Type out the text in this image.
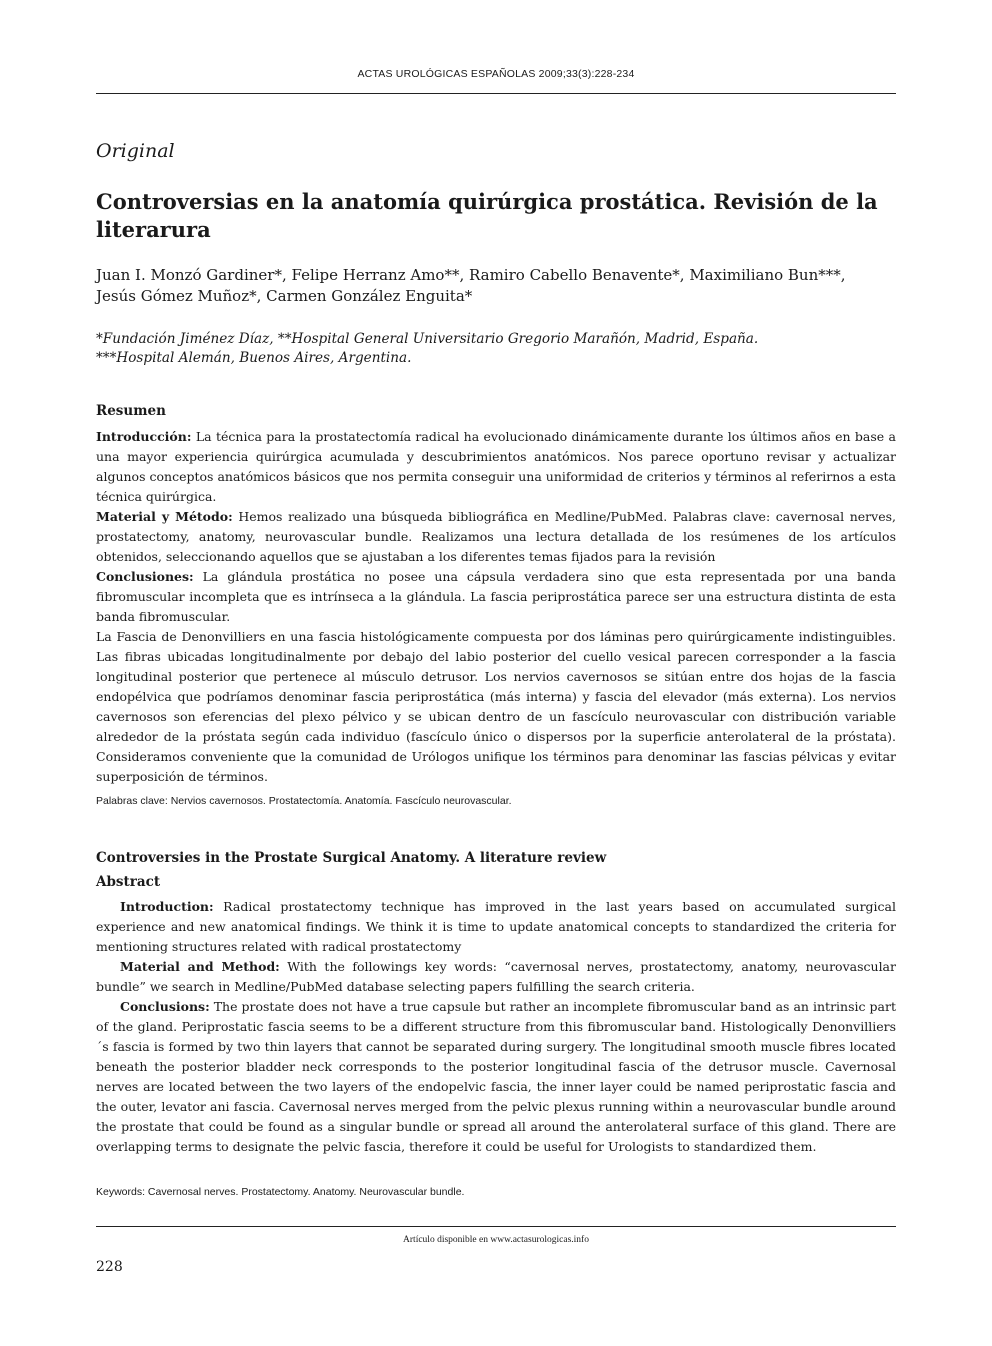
ACTAS UROLÓGICAS ESPAÑOLAS 2009;33(3):228-234
Original
Controversias en la anatomía quirúrgica prostática. Revisión de la literarura
Juan I. Monzó Gardiner*, Felipe Herranz Amo**, Ramiro Cabello Benavente*, Maximiliano Bun***,
Jesús Gómez Muñoz*, Carmen González Enguita*
*Fundación Jiménez Díaz, **Hospital General Universitario Gregorio Marañón, Madrid, España.
***Hospital Alemán, Buenos Aires, Argentina.
Resumen

Introducción: La técnica para la prostatectomía radical ha evolucionado dinámicamente durante los últimos años en base a una mayor experiencia quirúrgica acumulada y descubrimientos anatómicos. Nos parece oportuno revisar y actualizar algunos conceptos anatómicos básicos que nos permita conseguir una uniformidad de criterios y términos al referirnos a esta técnica quirúrgica.

Material y Método: Hemos realizado una búsqueda bibliográfica en Medline/PubMed. Palabras clave: cavernosal nerves, prostatectomy, anatomy, neurovascular bundle. Realizamos una lectura detallada de los resúmenes de los artículos obtenidos, seleccionando aquellos que se ajustaban a los diferentes temas fijados para la revisión

Conclusiones: La glándula prostática no posee una cápsula verdadera sino que esta representada por una banda fibromuscular incompleta que es intrínseca a la glándula. La fascia periprostática parece ser una estructura distinta de esta banda fibromuscular.

La Fascia de Denonvilliers en una fascia histológicamente compuesta por dos láminas pero quirúrgicamente indistinguibles. Las fibras ubicadas longitudinalmente por debajo del labio posterior del cuello vesical parecen corresponder a la fascia longitudinal posterior que pertenece al músculo detrusor. Los nervios cavernosos se sitúan entre dos hojas de la fascia endopélvica que podríamos denominar fascia periprostática (más interna) y fascia del elevador (más externa). Los nervios cavernosos son eferencias del plexo pélvico y se ubican dentro de un fascículo neurovascular con distribución variable alrededor de la próstata según cada individuo (fascículo único o dispersos por la superficie anterolateral de la próstata). Consideramos conveniente que la comunidad de Urólogos unifique los términos para denominar las fascias pélvicas y evitar superposición de términos.

Palabras clave: Nervios cavernosos. Prostatectomía. Anatomía. Fascículo neurovascular.
Controversies in the Prostate Surgical Anatomy. A literature review
Abstract

Introduction: Radical prostatectomy technique has improved in the last years based on accumulated surgical experience and new anatomical findings. We think it is time to update anatomical concepts to standardized the criteria for mentioning structures related with radical prostatectomy

Material and Method: With the followings key words: “cavernosal nerves, prostatectomy, anatomy, neurovascular bundle” we search in Medline/PubMed database selecting papers fulfilling the search criteria.

Conclusions: The prostate does not have a true capsule but rather an incomplete fibromuscular band as an intrinsic part of the gland. Periprostatic fascia seems to be a different structure from this fibromuscular band. Histologically Denonvilliers´s fascia is formed by two thin layers that cannot be separated during surgery. The longitudinal smooth muscle fibres located beneath the posterior bladder neck corresponds to the posterior longitudinal fascia of the detrusor muscle. Cavernosal nerves are located between the two layers of the endopelvic fascia, the inner layer could be named periprostatic fascia and the outer, levator ani fascia. Cavernosal nerves merged from the pelvic plexus running within a neurovascular bundle around the prostate that could be found as a singular bundle or spread all around the anterolateral surface of this gland. There are overlapping terms to designate the pelvic fascia, therefore it could be useful for Urologists to standardized them.

Keywords: Cavernosal nerves. Prostatectomy. Anatomy. Neurovascular bundle.
Artículo disponible en www.actasurologicas.info
228
